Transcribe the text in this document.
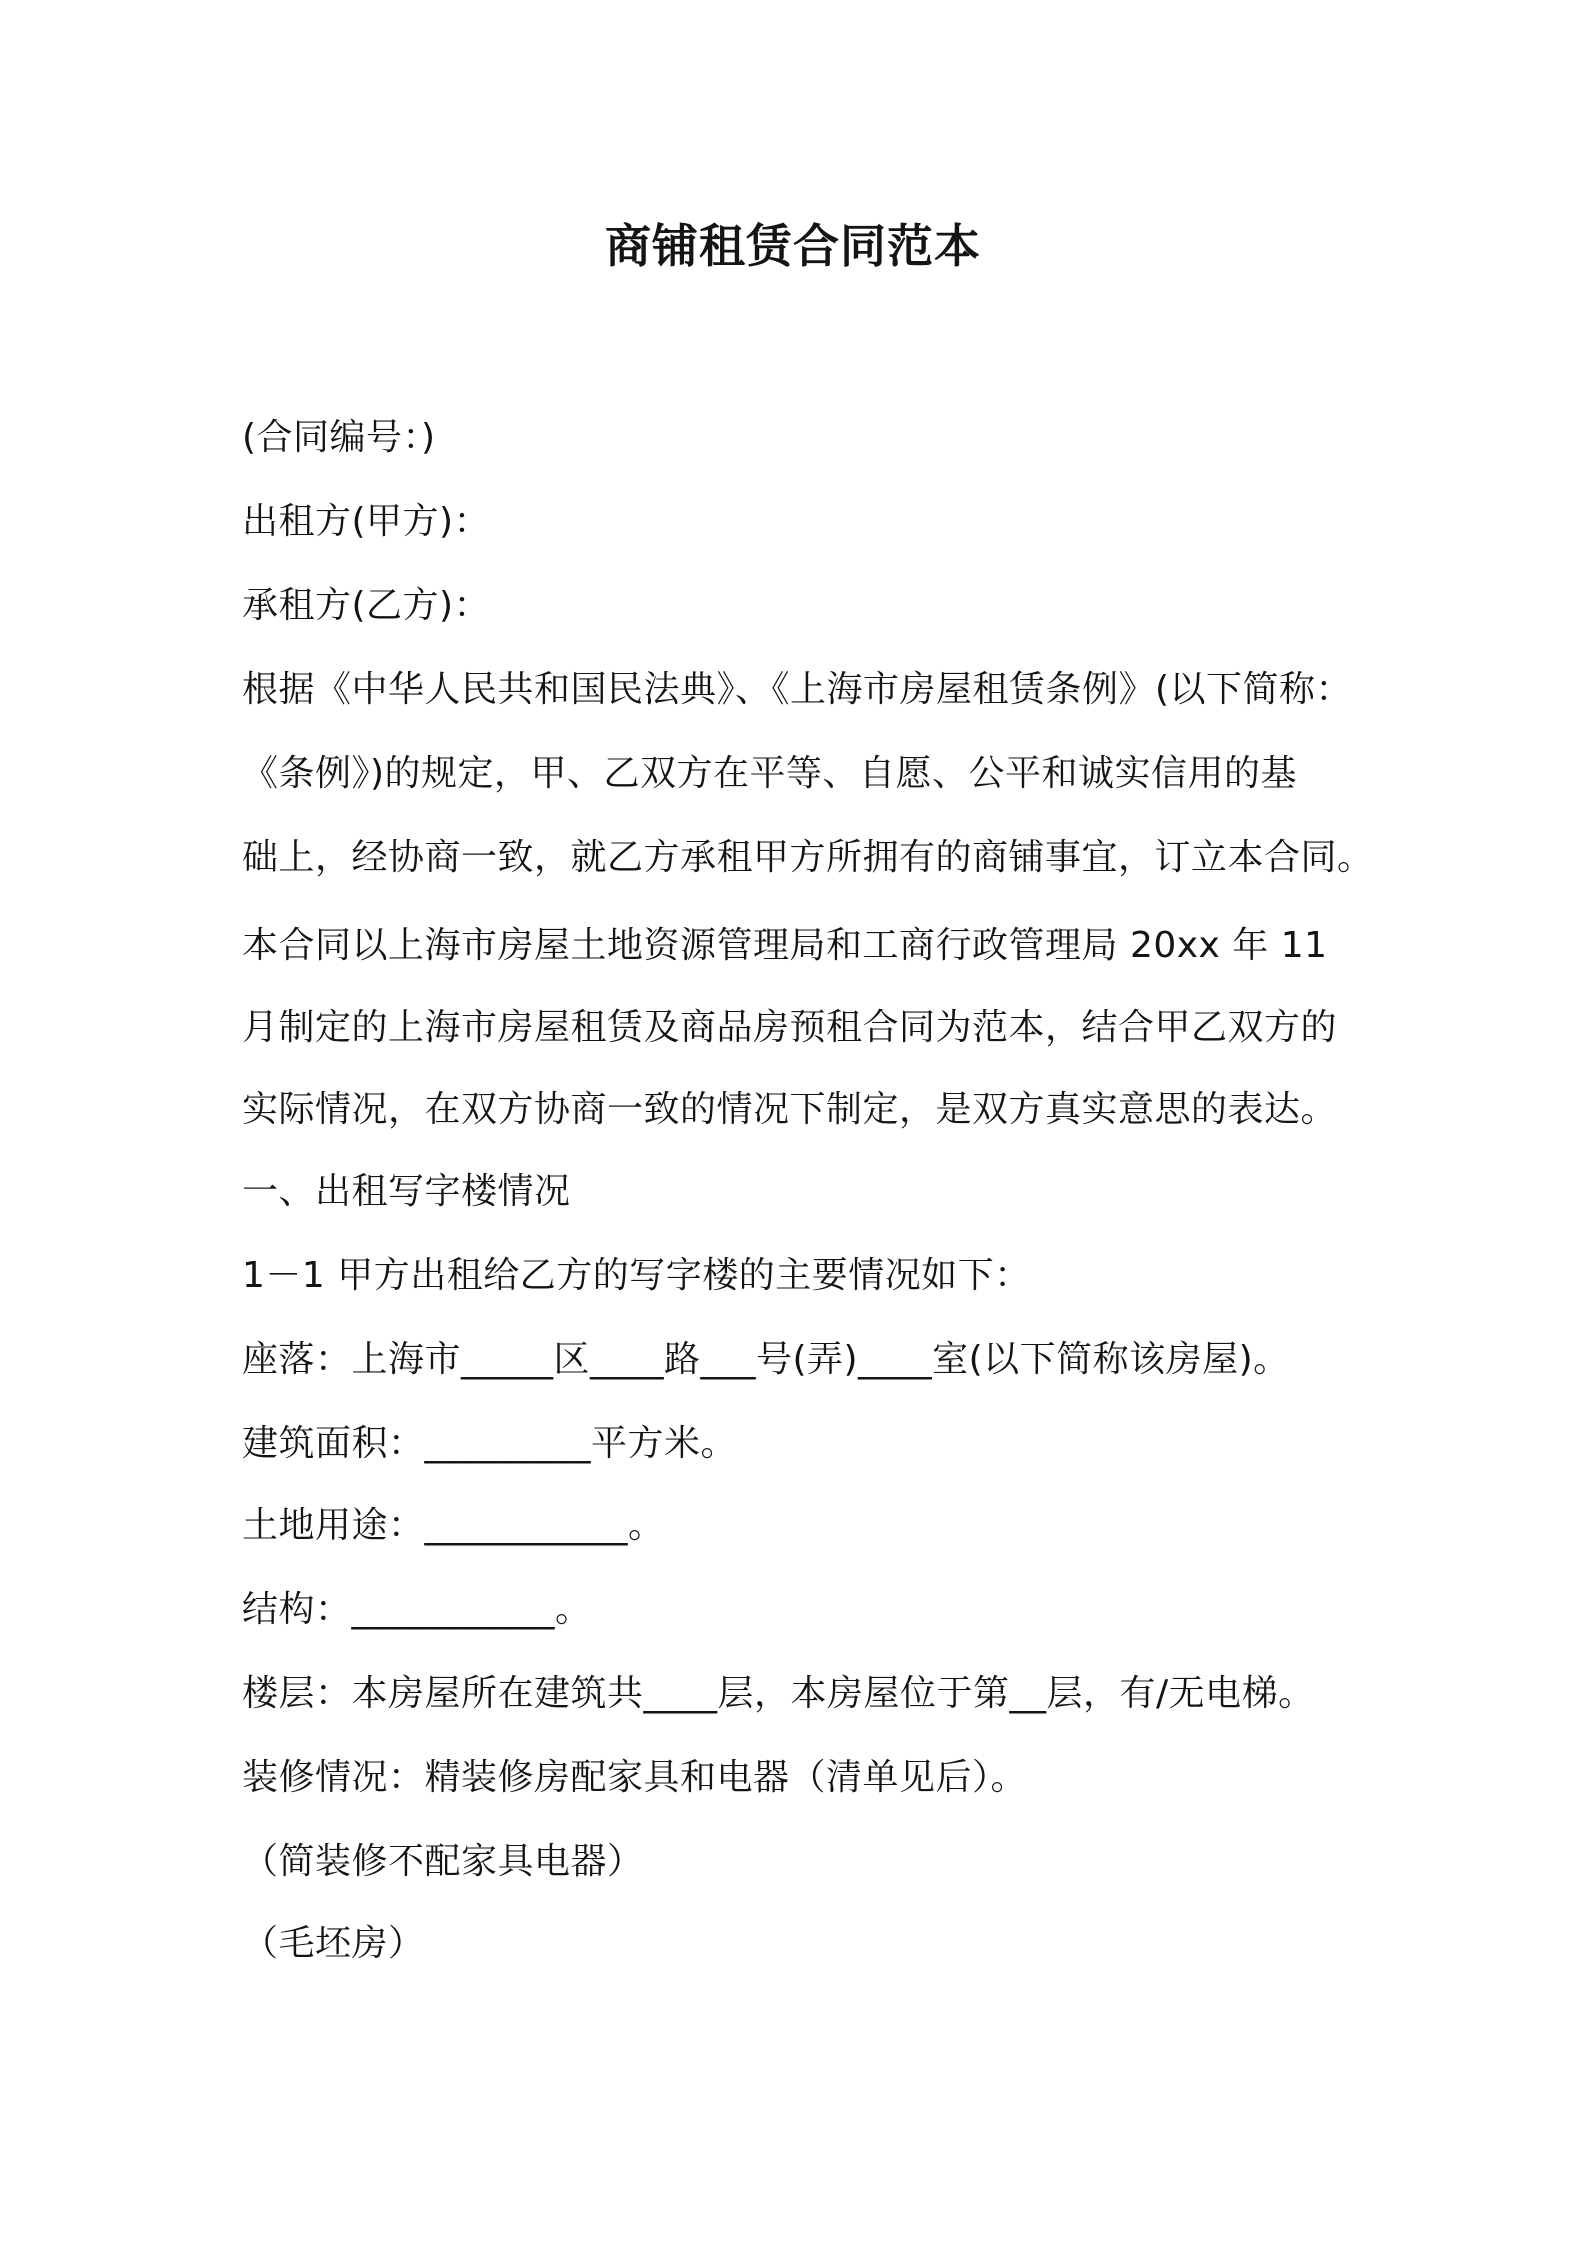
商铺租赁合同范本
(合同编号：)
出租方(甲方)：
承租方(乙方)：
根据《中华人民共和国民法典》、《上海市房屋租赁条例》(以下简称：
《条例》)的规定，甲、乙双方在平等、自愿、公平和诚实信用的基
础上，经协商一致，就乙方承租甲方所拥有的商铺事宜，订立本合同。
本合同以上海市房屋土地资源管理局和工商行政管理局 20xx 年 11
月制定的上海市房屋租赁及商品房预租合同为范本，结合甲乙双方的
实际情况，在双方协商一致的情况下制定，是双方真实意思的表达。
一、出租写字楼情况
1－1 甲方出租给乙方的写字楼的主要情况如下：
座落：上海市_____区____路___号(弄)____室(以下简称该房屋)。
建筑面积：_________平方米。
土地用途：___________。
结构：___________。
楼层：本房屋所在建筑共____层，本房屋位于第__层，有/无电梯。
装修情况：精装修房配家具和电器（清单见后）。
（简装修不配家具电器）
（毛坯房）
